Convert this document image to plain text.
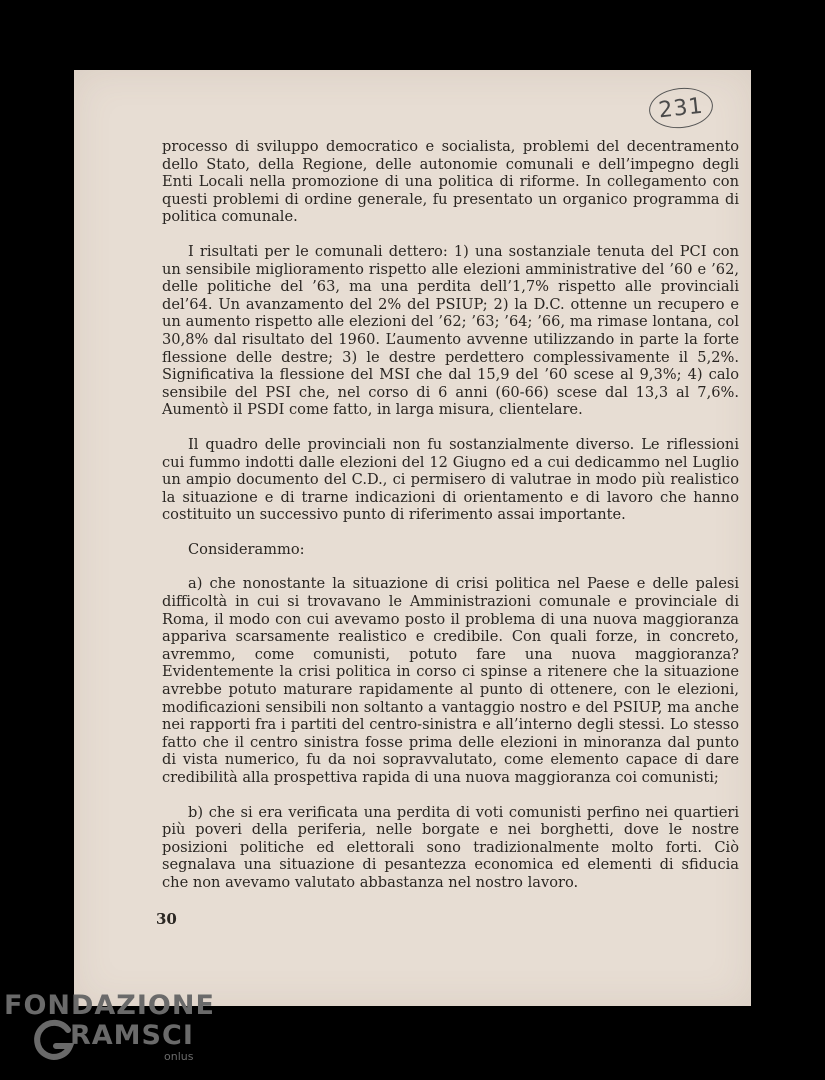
231

processo di sviluppo democratico e socialista, problemi del decentramento dello Stato, della Regione, delle autonomie comunali e dell’impegno degli Enti Locali nella promozione di una politica di riforme. In collegamento con questi problemi di ordine generale, fu presentato un organico programma di politica comunale.

I risultati per le comunali dettero: 1) una sostanziale tenuta del PCI con un sensibile miglioramento rispetto alle elezioni amministrative del ’60 e ’62, delle politiche del ’63, ma una perdita dell’1,7% rispetto alle provinciali del’64. Un avanzamento del 2% del PSIUP; 2) la D.C. ottenne un recupero e un aumento rispetto alle elezioni del ’62; ’63; ’64; ’66, ma rimase lontana, col 30,8% dal risultato del 1960. L’aumento avvenne utilizzando in parte la forte flessione delle destre; 3) le destre perdettero complessivamente il 5,2%. Significativa la flessione del MSI che dal 15,9 del ’60 scese al 9,3%; 4) calo sensibile del PSI che, nel corso di 6 anni (60-66) scese dal 13,3 al 7,6%. Aumentò il PSDI come fatto, in larga misura, clientelare.

Il quadro delle provinciali non fu sostanzialmente diverso. Le riflessioni cui fummo indotti dalle elezioni del 12 Giugno ed a cui dedicammo nel Luglio un ampio documento del C.D., ci permisero di valutrae in modo più realistico la situazione e di trarne indicazioni di orientamento e di lavoro che hanno costituito un successivo punto di riferimento assai importante.

Considerammo:

a) che nonostante la situazione di crisi politica nel Paese e delle palesi difficoltà in cui si trovavano le Amministrazioni comunale e provinciale di Roma, il modo con cui avevamo posto il problema di una nuova maggioranza appariva scarsamente realistico e credibile. Con quali forze, in concreto, avremmo, come comunisti, potuto fare una nuova maggioranza? Evidentemente la crisi politica in corso ci spinse a ritenere che la situazione avrebbe potuto maturare rapidamente al punto di ottenere, con le elezioni, modificazioni sensibili non soltanto a vantaggio nostro e del PSIUP, ma anche nei rapporti fra i partiti del centro-sinistra e all’interno degli stessi. Lo stesso fatto che il centro sinistra fosse prima delle elezioni in minoranza dal punto di vista numerico, fu da noi sopravvalutato, come elemento capace di dare credibilità alla prospettiva rapida di una nuova maggioranza coi comunisti;

b) che si era verificata una perdita di voti comunisti perfino nei quartieri più poveri della periferia, nelle borgate e nei borghetti, dove le nostre posizioni politiche ed elettorali sono tradizionalmente molto forti. Ciò segnalava una situazione di pesantezza economica ed elementi di sfiducia che non avevamo valutato abbastanza nel nostro lavoro.

30
FONDAZIONE
RAMSCI
onlus
